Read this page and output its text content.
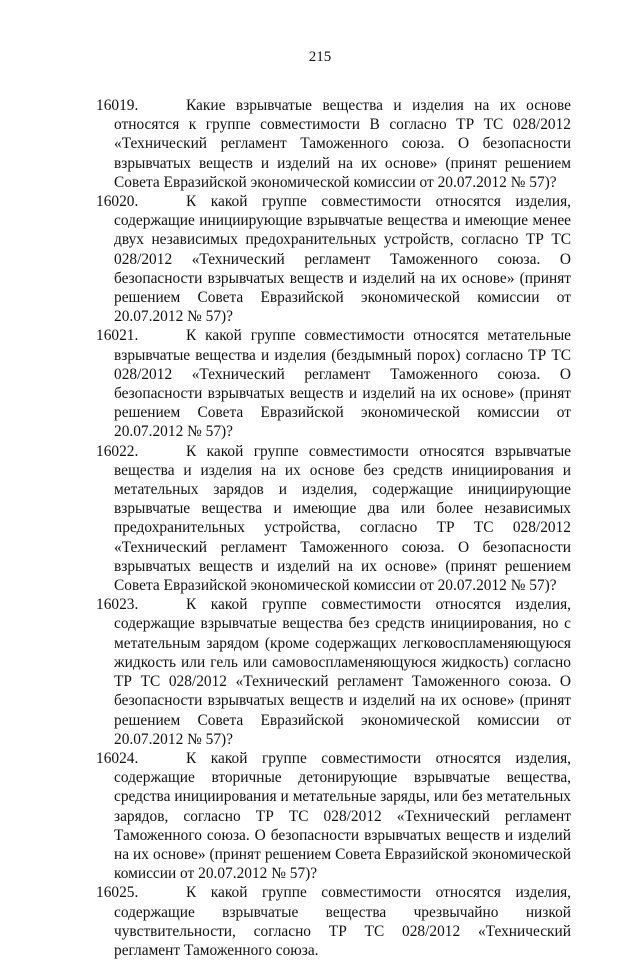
215

16019.	Какие взрывчатые вещества и изделия на их основе относятся к группе совместимости В согласно ТР ТС 028/2012 «Технический регламент Таможенного союза. О безопасности взрывчатых веществ и изделий на их основе» (принят решением Совета Евразийской экономической комиссии от 20.07.2012 № 57)?

16020.	К какой группе совместимости относятся изделия, содержащие инициирующие взрывчатые вещества и имеющие менее двух независимых предохранительных устройств, согласно ТР ТС 028/2012 «Технический регламент Таможенного союза. О безопасности взрывчатых веществ и изделий на их основе» (принят решением Совета Евразийской экономической комиссии от 20.07.2012 № 57)?

16021.	К какой группе совместимости относятся метательные взрывчатые вещества и изделия (бездымный порох) согласно ТР ТС 028/2012 «Технический регламент Таможенного союза. О безопасности взрывчатых веществ и изделий на их основе» (принят решением Совета Евразийской экономической комиссии от 20.07.2012 № 57)?

16022.	К какой группе совместимости относятся взрывчатые вещества и изделия на их основе без средств инициирования и метательных зарядов и изделия, содержащие инициирующие взрывчатые вещества и имеющие два или более независимых предохранительных устройства, согласно ТР ТС 028/2012 «Технический регламент Таможенного союза. О безопасности взрывчатых веществ и изделий на их основе» (принят решением Совета Евразийской экономической комиссии от 20.07.2012 № 57)?

16023.	К какой группе совместимости относятся изделия, содержащие взрывчатые вещества без средств инициирования, но с метательным зарядом (кроме содержащих легковоспламеняющуюся жидкость или гель или самовоспламеняющуюся жидкость) согласно ТР ТС 028/2012 «Технический регламент Таможенного союза. О безопасности взрывчатых веществ и изделий на их основе» (принят решением Совета Евразийской экономической комиссии от 20.07.2012 № 57)?

16024.	К какой группе совместимости относятся изделия, содержащие вторичные детонирующие взрывчатые вещества, средства инициирования и метательные заряды, или без метательных зарядов, согласно ТР ТС 028/2012 «Технический регламент Таможенного союза. О безопасности взрывчатых веществ и изделий на их основе» (принят решением Совета Евразийской экономической комиссии от 20.07.2012 № 57)?

16025.	К какой группе совместимости относятся изделия, содержащие взрывчатые вещества чрезвычайно низкой чувствительности, согласно ТР ТС 028/2012 «Технический регламент Таможенного союза.
